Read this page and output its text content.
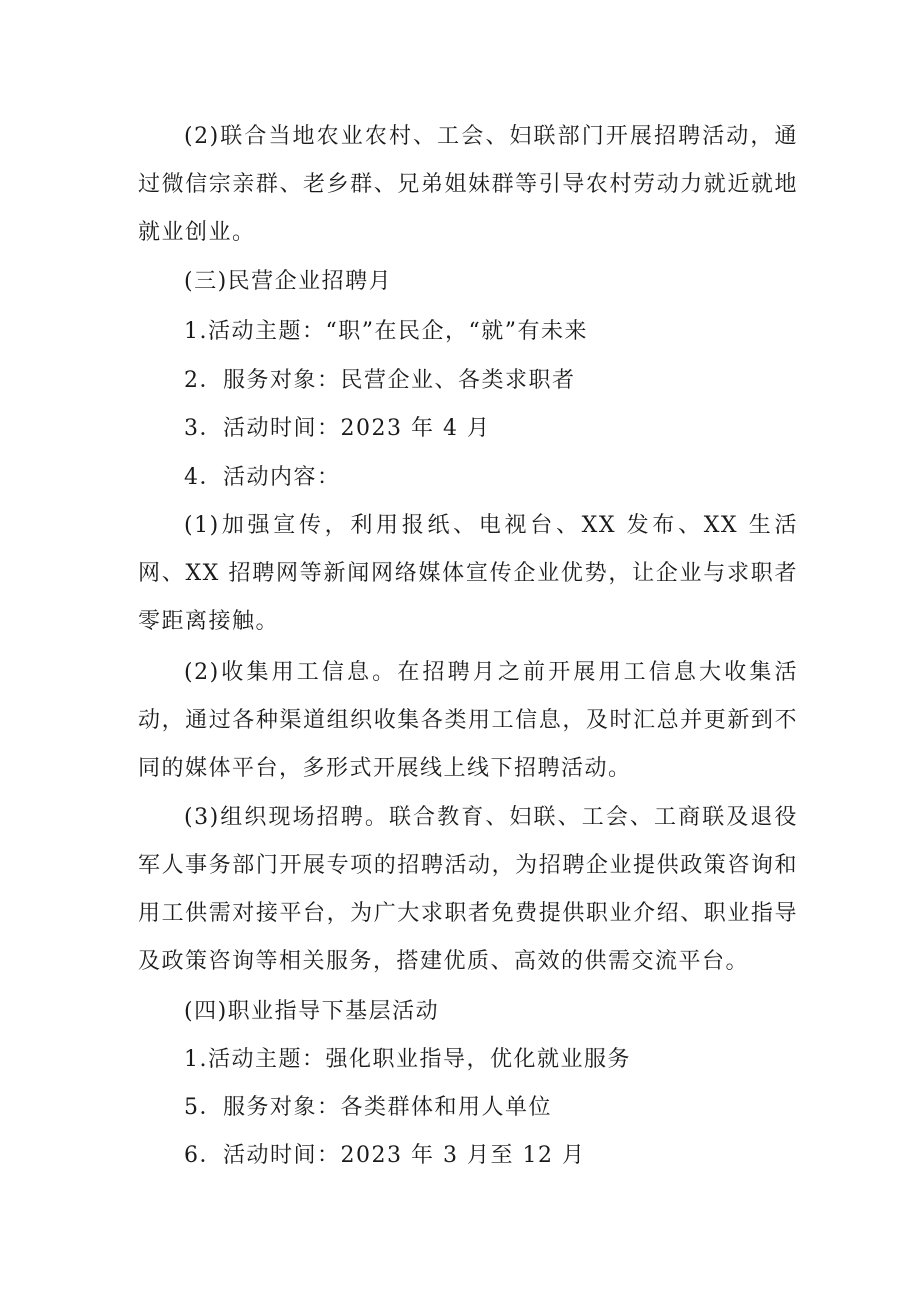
(2)联合当地农业农村、工会、妇联部门开展招聘活动，通过微信宗亲群、老乡群、兄弟姐妹群等引导农村劳动力就近就地就业创业。

(三)民营企业招聘月

1.活动主题：“职”在民企，“就”有未来

2．服务对象：民营企业、各类求职者

3．活动时间：2023 年 4 月

4．活动内容：

(1)加强宣传，利用报纸、电视台、XX 发布、XX 生活网、XX 招聘网等新闻网络媒体宣传企业优势，让企业与求职者零距离接触。

(2)收集用工信息。在招聘月之前开展用工信息大收集活动，通过各种渠道组织收集各类用工信息，及时汇总并更新到不同的媒体平台，多形式开展线上线下招聘活动。

(3)组织现场招聘。联合教育、妇联、工会、工商联及退役军人事务部门开展专项的招聘活动，为招聘企业提供政策咨询和用工供需对接平台，为广大求职者免费提供职业介绍、职业指导及政策咨询等相关服务，搭建优质、高效的供需交流平台。

(四)职业指导下基层活动

1.活动主题：强化职业指导，优化就业服务

5．服务对象：各类群体和用人单位

6．活动时间：2023 年 3 月至 12 月
